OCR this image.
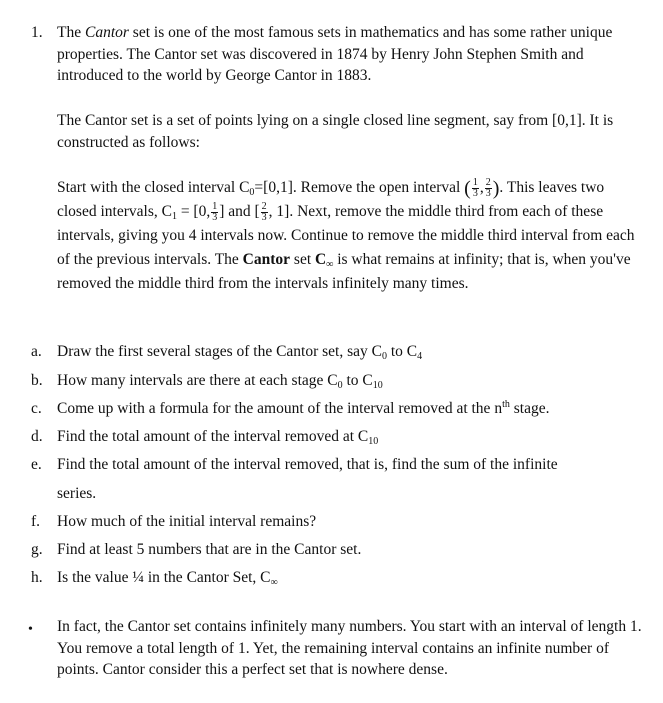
1. The Cantor set is one of the most famous sets in mathematics and has some rather unique properties. The Cantor set was discovered in 1874 by Henry John Stephen Smith and introduced to the world by George Cantor in 1883.

The Cantor set is a set of points lying on a single closed line segment, say from [0,1]. It is constructed as follows:

Start with the closed interval $C_0=[0,1]$. Remove the open interval ( $\frac{1}{3}$ , $\frac{2}{3}$ ). This leaves two closed intervals, $C_1 = [0$, $\frac{1}{3}$ ] and [ $\frac{2}{3}$ , 1]. Next, remove the middle third from each of these intervals, giving you 4 intervals now. Continue to remove the middle third interval from each of the previous intervals. The Cantor set $C_\infty$ is what remains at infinity; that is, when you've removed the middle third from the intervals infinitely many times.

a. Draw the first several stages of the Cantor set, say $C_0$ to $C_4$
b. How many intervals are there at each stage $C_0$ to $C_{10}$
c. Come up with a formula for the amount of the interval removed at the $n^{th}$ stage.
d. Find the total amount of the interval removed at $C_{10}$
e. Find the total amount of the interval removed, that is, find the sum of the infinite
series.
f.	How much of the initial interval remains?
g. Find at least 5 numbers that are in the Cantor set.
h. Is the value ¼ in the Cantor Set, $C_\infty$
• In fact, the Cantor set contains infinitely many numbers. You start with an interval of length 1. You remove a total length of 1. Yet, the remaining interval contains an infinite number of points. Cantor consider this a perfect set that is nowhere dense.
